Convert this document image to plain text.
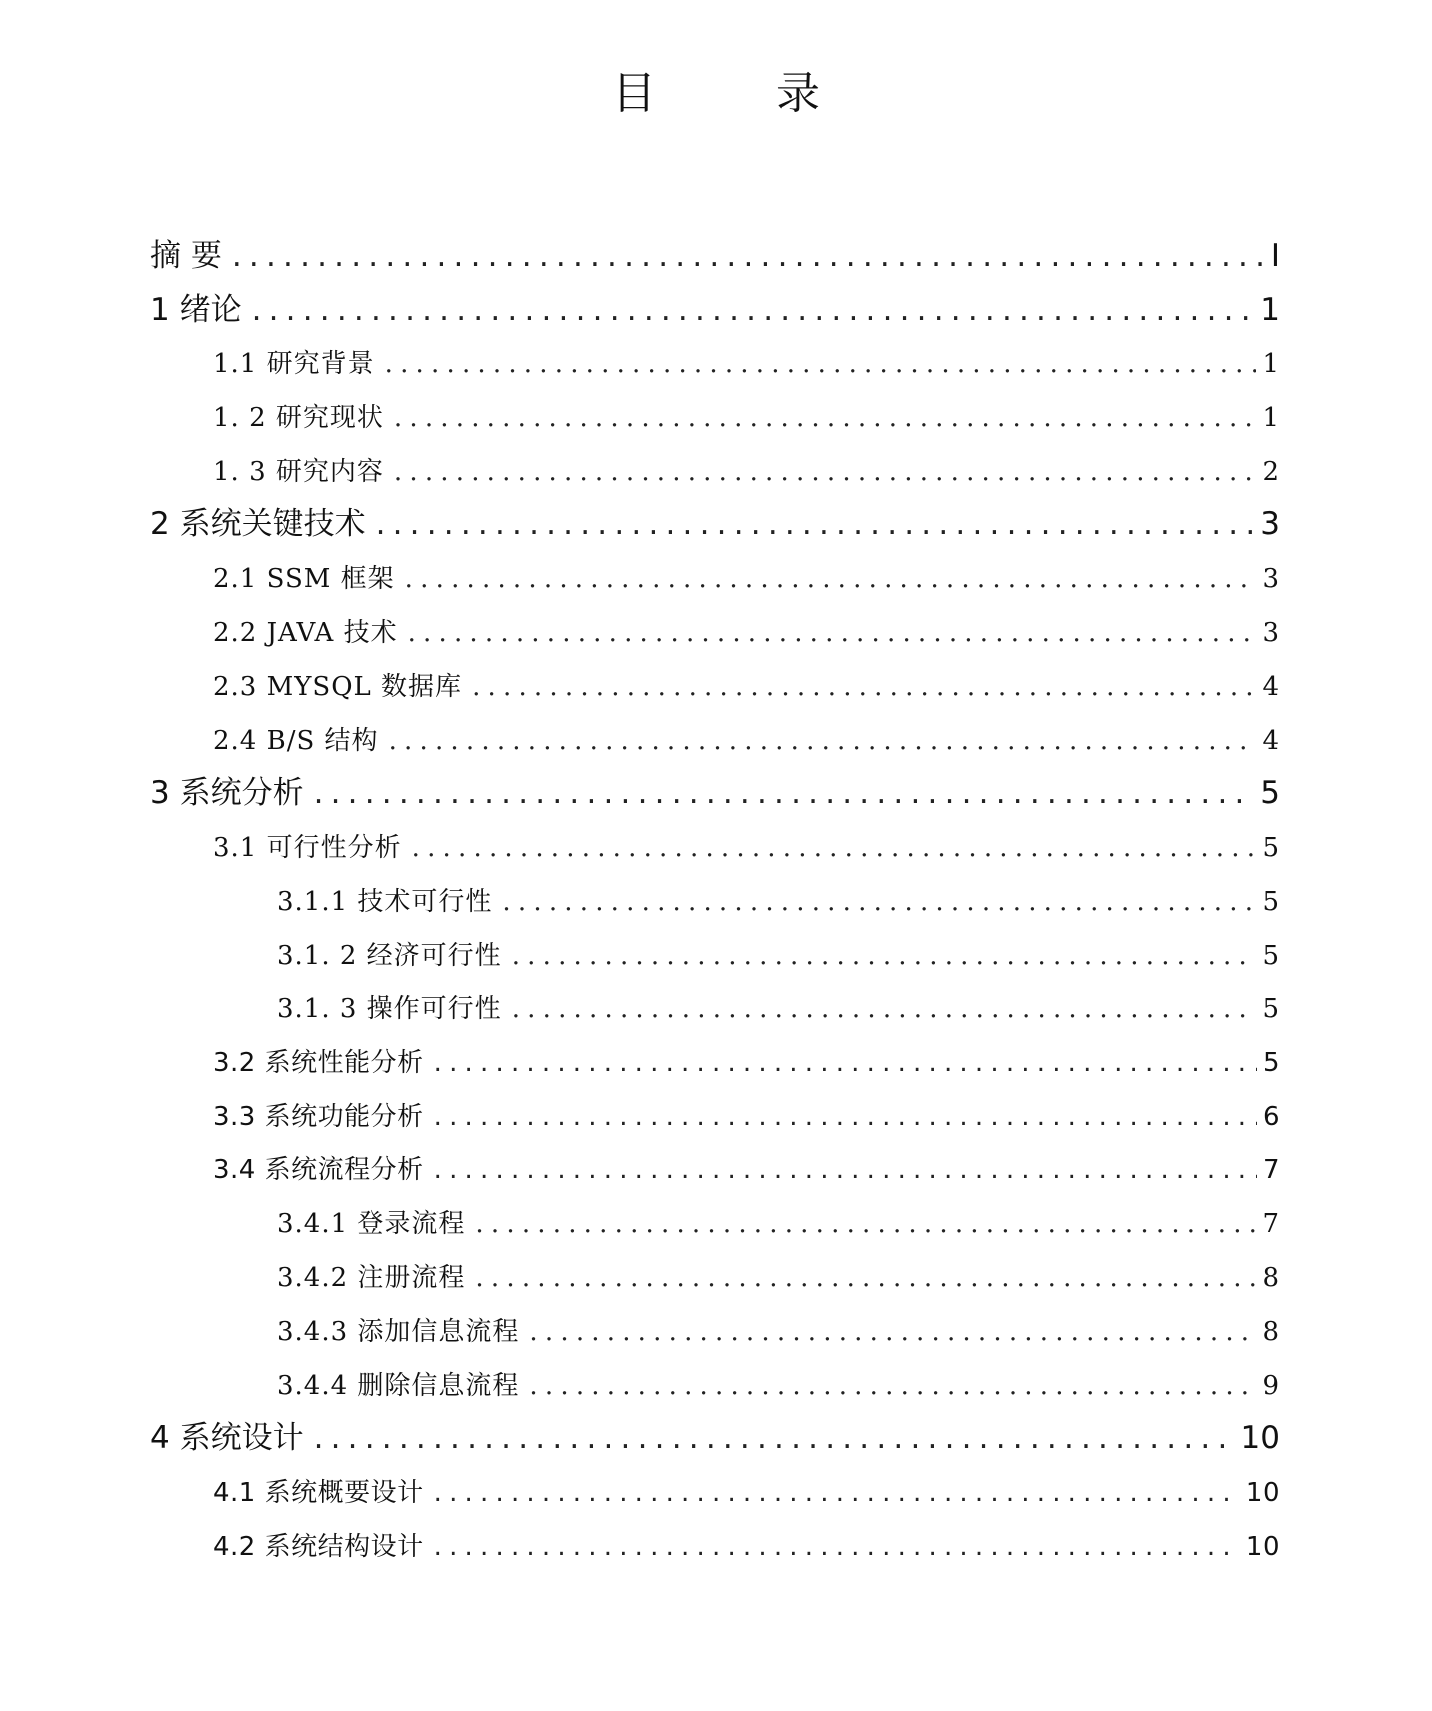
目　录
摘 要 .....	I
1 绪论 .....	1
1.1 研究背景 .....	1
1. 2 研究现状 .....	1
1. 3 研究内容 .....	2
2 系统关键技术 .....	3
2.1 SSM 框架 .....	3
2.2 JAVA 技术 .....	3
2.3 MYSQL 数据库 .....	4
2.4 B/S 结构 .....	4
3 系统分析 .....	5
3.1 可行性分析 .....	5
3.1.1 技术可行性 .....	5
3.1. 2 经济可行性 .....	5
3.1. 3 操作可行性 .....	5
3.2 系统性能分析 .....	5
3.3 系统功能分析 .....	6
3.4 系统流程分析 .....	7
3.4.1 登录流程 .....	7
3.4.2 注册流程 .....	8
3.4.3 添加信息流程 .....	8
3.4.4 删除信息流程 .....	9
4 系统设计 .....	10
4.1 系统概要设计 .....	10
4.2 系统结构设计 .....	10
